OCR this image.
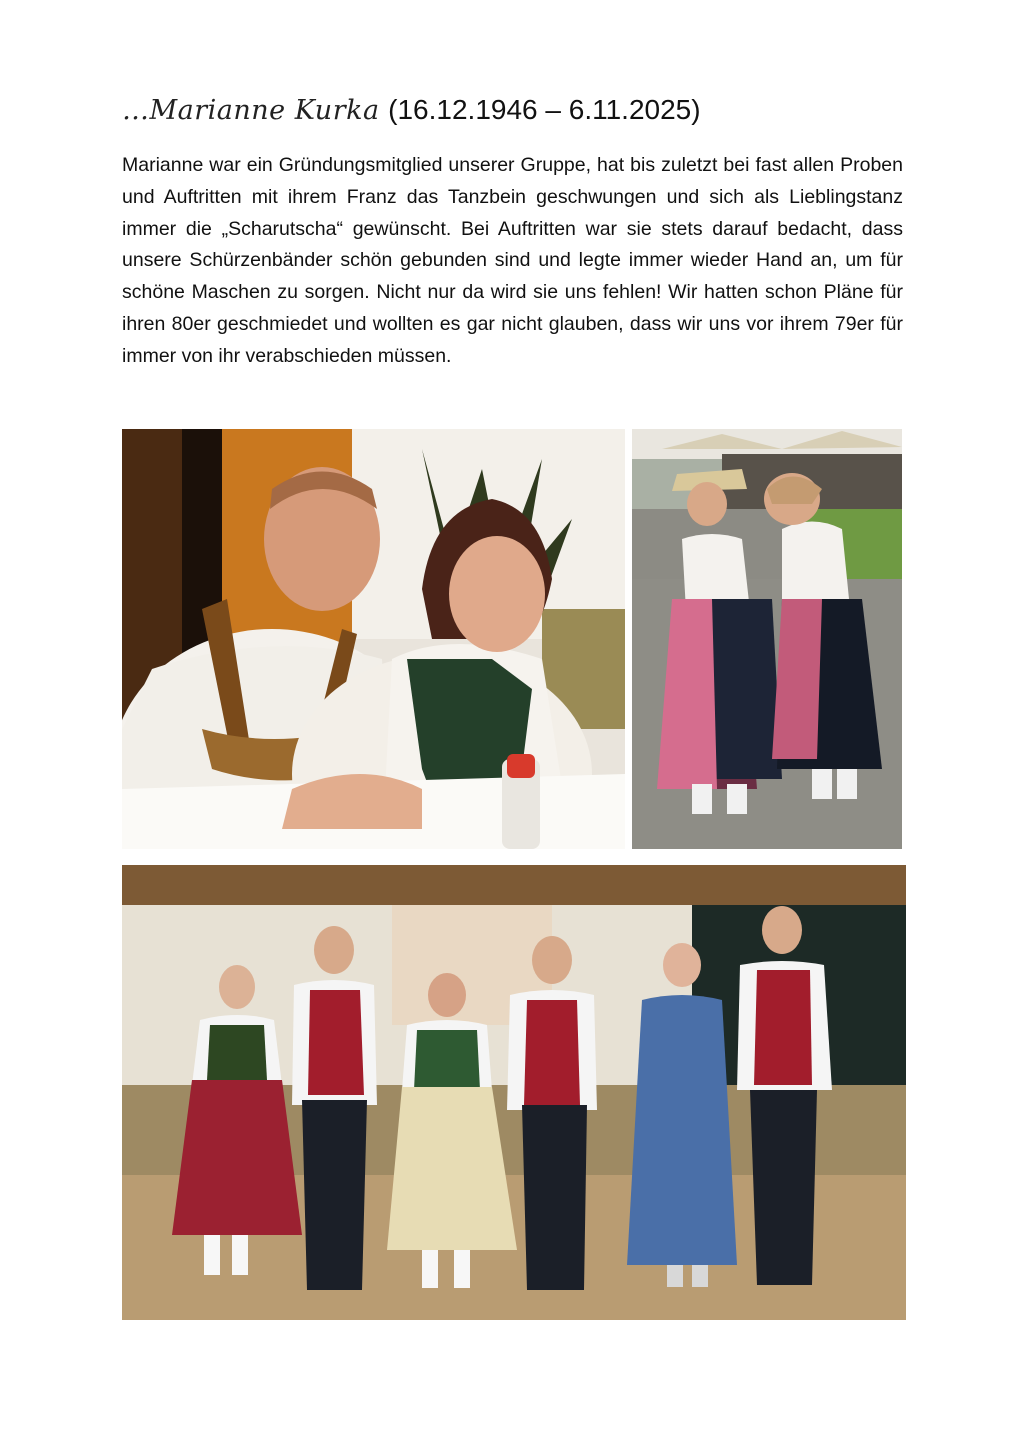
…Marianne Kurka (16.12.1946 – 6.11.2025)

Marianne war ein Gründungsmitglied unserer Gruppe, hat bis zuletzt bei fast allen Proben und Auftritten mit ihrem Franz das Tanzbein geschwungen und sich als Lieblingstanz immer die „Scharutscha“ gewünscht. Bei Auftritten war sie stets darauf bedacht, dass unsere Schürzenbänder schön gebunden sind und legte immer wieder Hand an, um für schöne Maschen zu sorgen. Nicht nur da wird sie uns fehlen! Wir hatten schon Pläne für ihren 80er geschmiedet und wollten es gar nicht glauben, dass wir uns vor ihrem 79er für immer von ihr verabschieden müssen.
